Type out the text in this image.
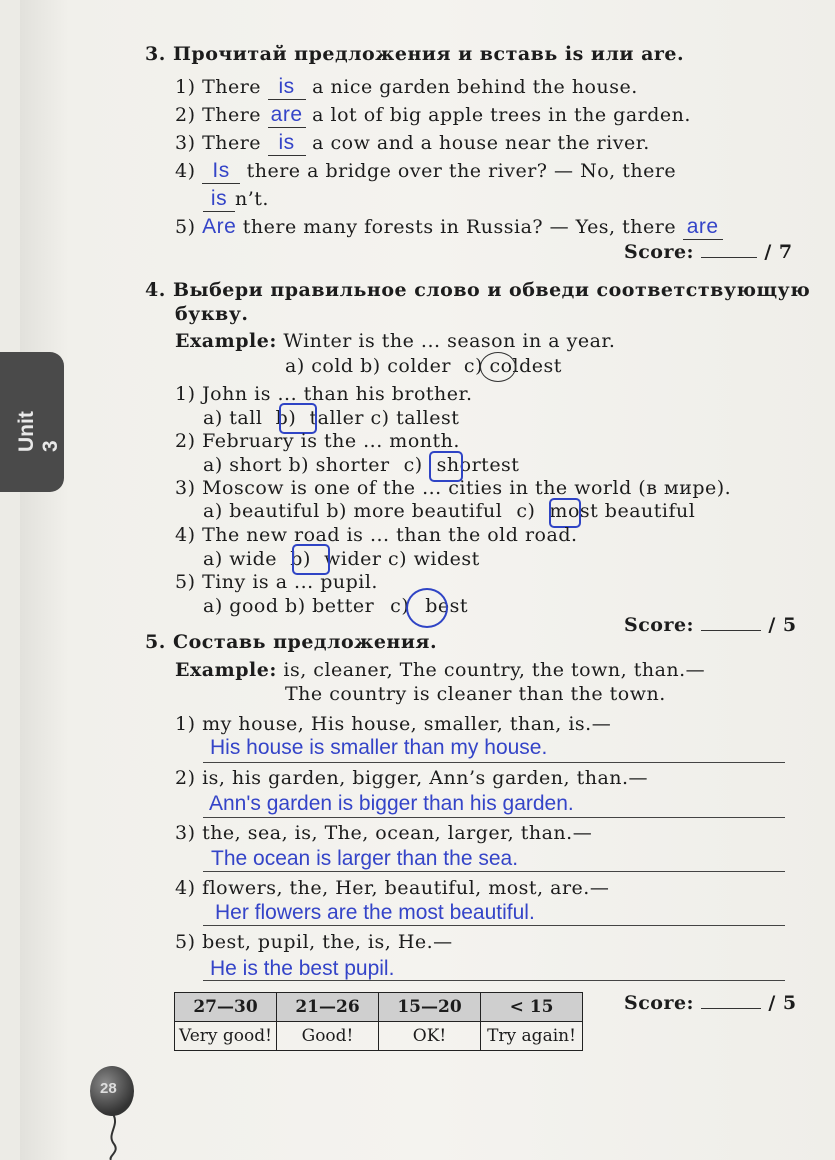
Unit 3
3. Прочитай предложения и вставь is или are.
1) There is a nice garden behind the house.
2) There are a lot of big apple trees in the garden.
3) There is a cow and a house near the river.
4) Is there a bridge over the river? — No, there
is n’t.
5) Are there many forests in Russia? — Yes, there are
Score:	/ 7
4. Выбери правильное слово и обведи соответствующую
букву.
Example: Winter is the ... season in a year.
a) cold b) colder c) coldest
1) John is ... than his brother.
a) tall b) taller c) tallest
2) February is the ... month.
a) short b) shorter c) shortest
3) Moscow is one of the ... cities in the world (в мире).
a) beautiful b) more beautiful c) most beautiful
4) The new road is ... than the old road.
a) wide b) wider c) widest
5) Tiny is a ... pupil.
a) good b) better c) best
Score:	/ 5
5. Составь предложения.
Example: is, cleaner, The country, the town, than.—
The country is cleaner than the town.
1) my house, His house, smaller, than, is.—
His house is smaller than my house.
2) is, his garden, bigger, Ann’s garden, than.—
Ann's garden is bigger than his garden.
3) the, sea, is, The, ocean, larger, than.—
The ocean is larger than the sea.
4) flowers, the, Her, beautiful, most, are.—
Her flowers are the most beautiful.
5) best, pupil, the, is, He.—
He is the best pupil.
27—30	21—26	15—20	< 15
Very good!	Good!	OK!	Try again!
Score:	/ 5
28
